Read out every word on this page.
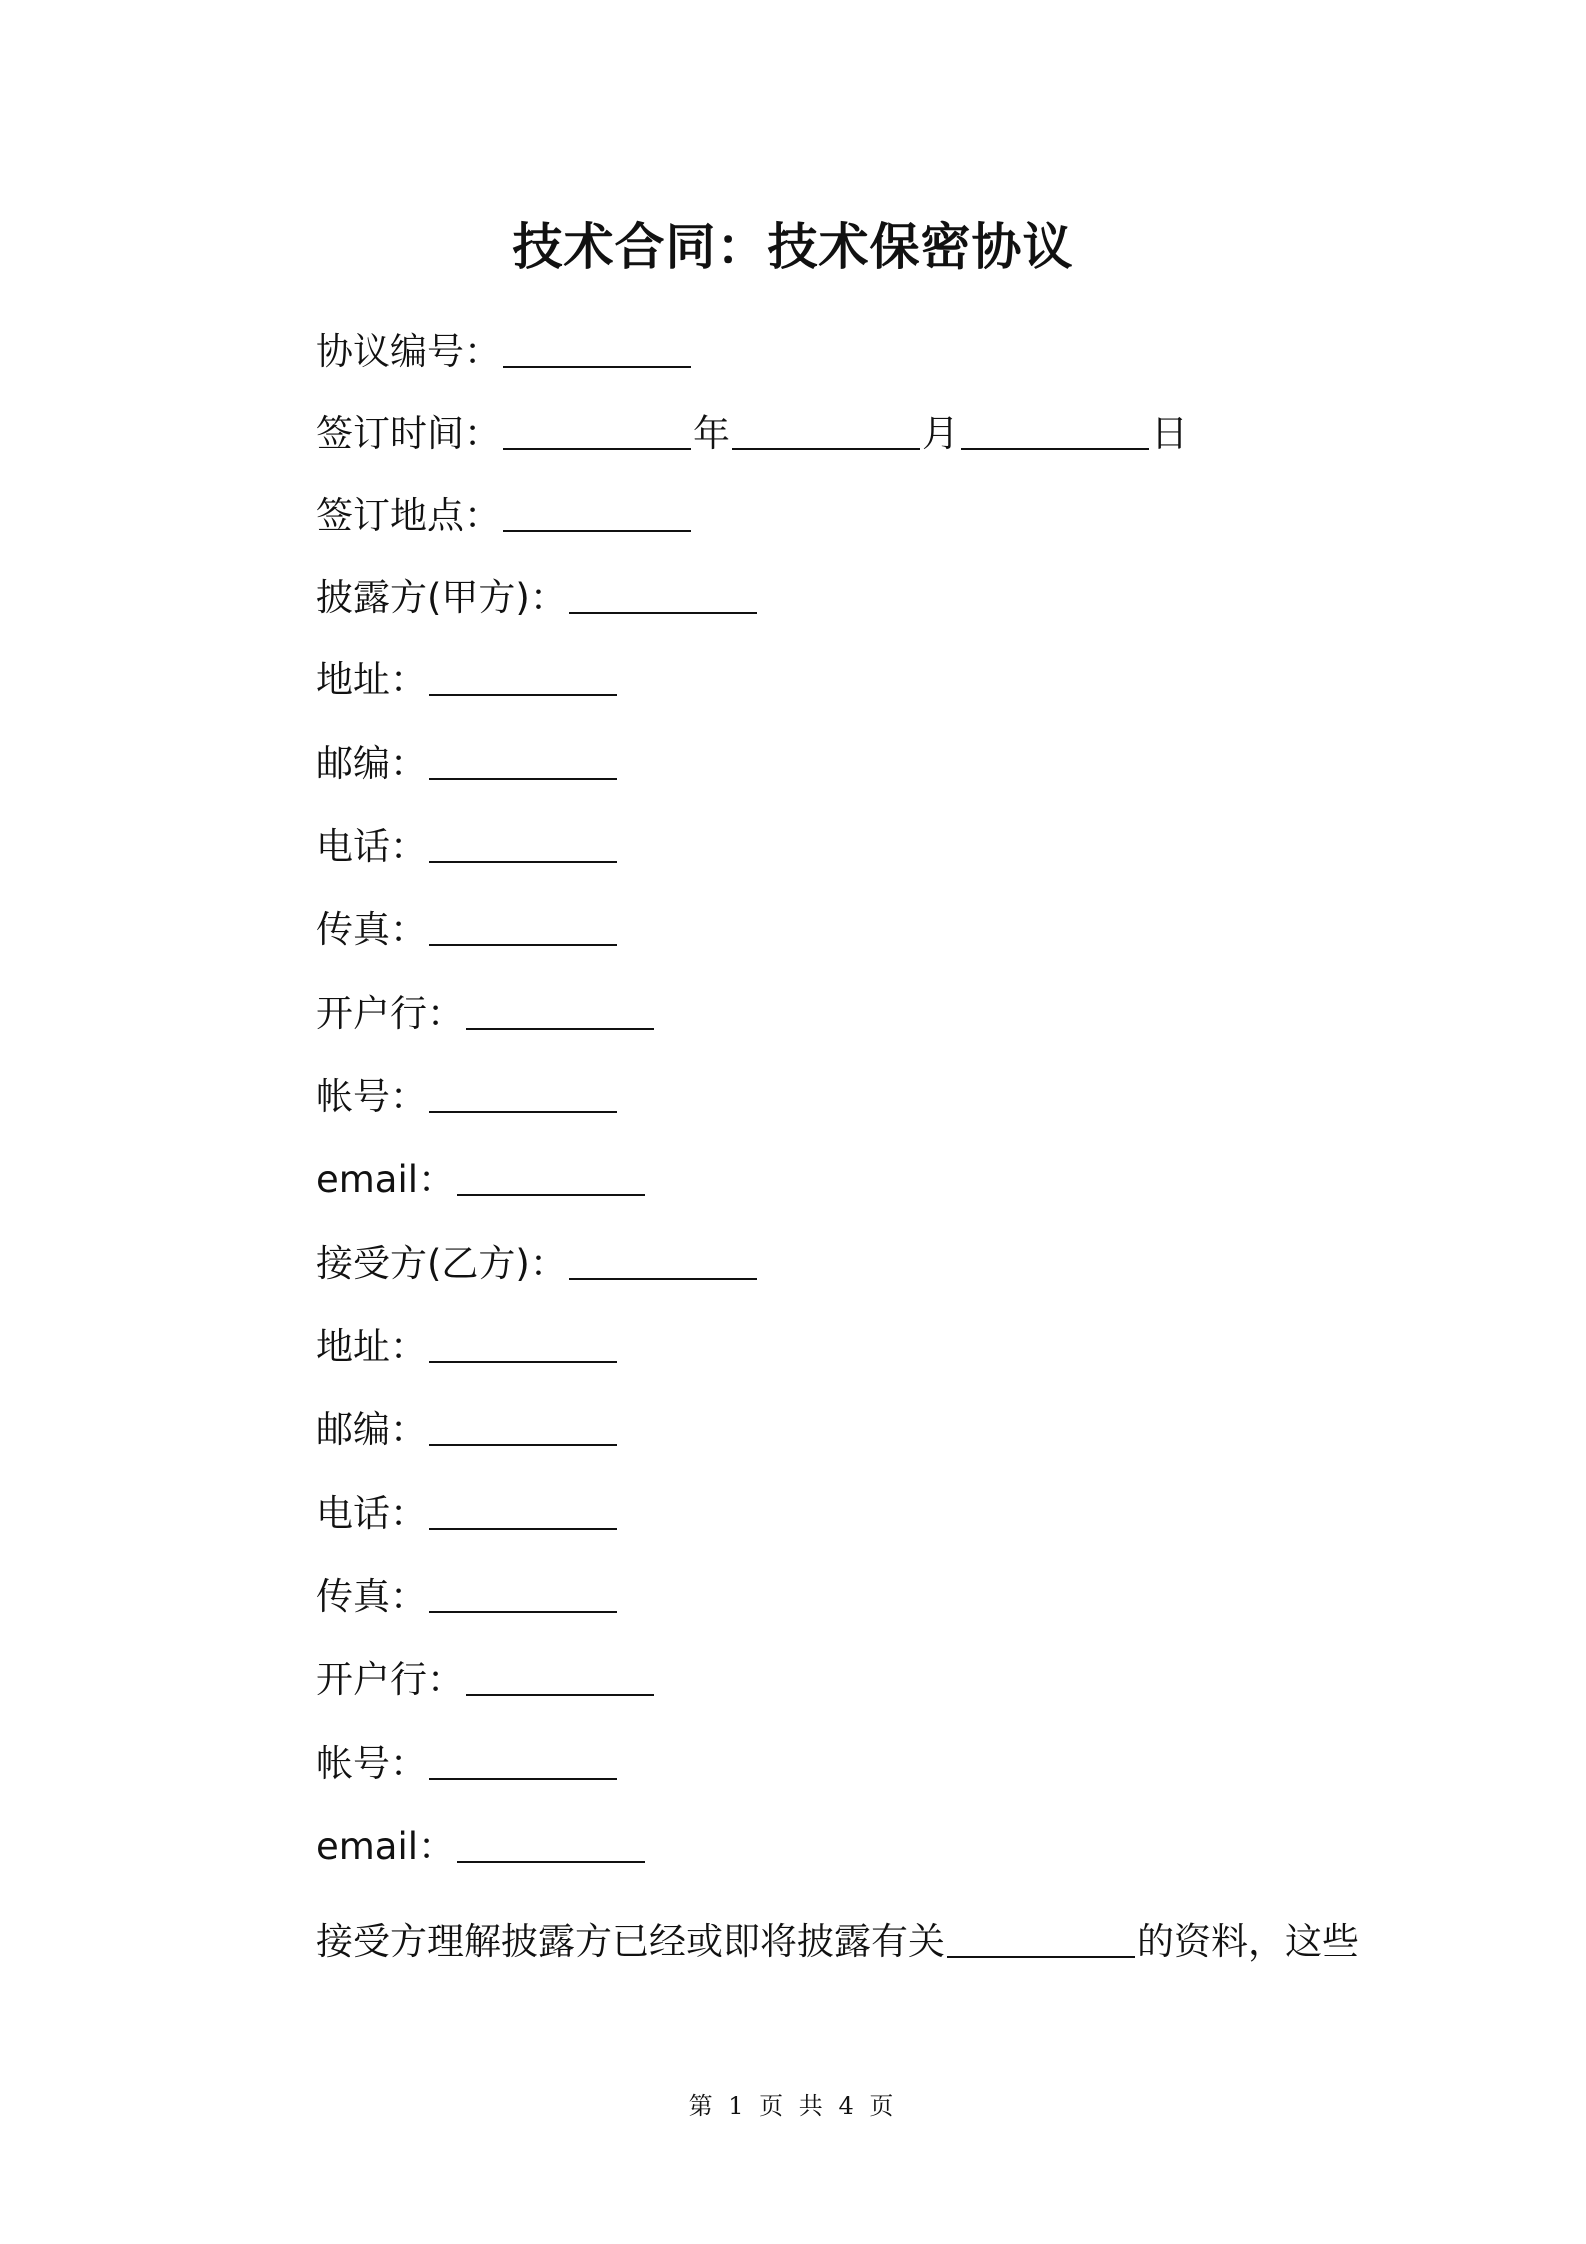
技术合同：技术保密协议
协议编号：
签订时间：	年	月	日
签订地点：
披露方(甲方)：
地址：
邮编：
电话：
传真：
开户行：
帐号：
email：
接受方(乙方)：
地址：
邮编：
电话：
传真：
开户行：
帐号：
email：
接受方理解披露方已经或即将披露有关	的资料，这些
第 1 页 共 4 页
